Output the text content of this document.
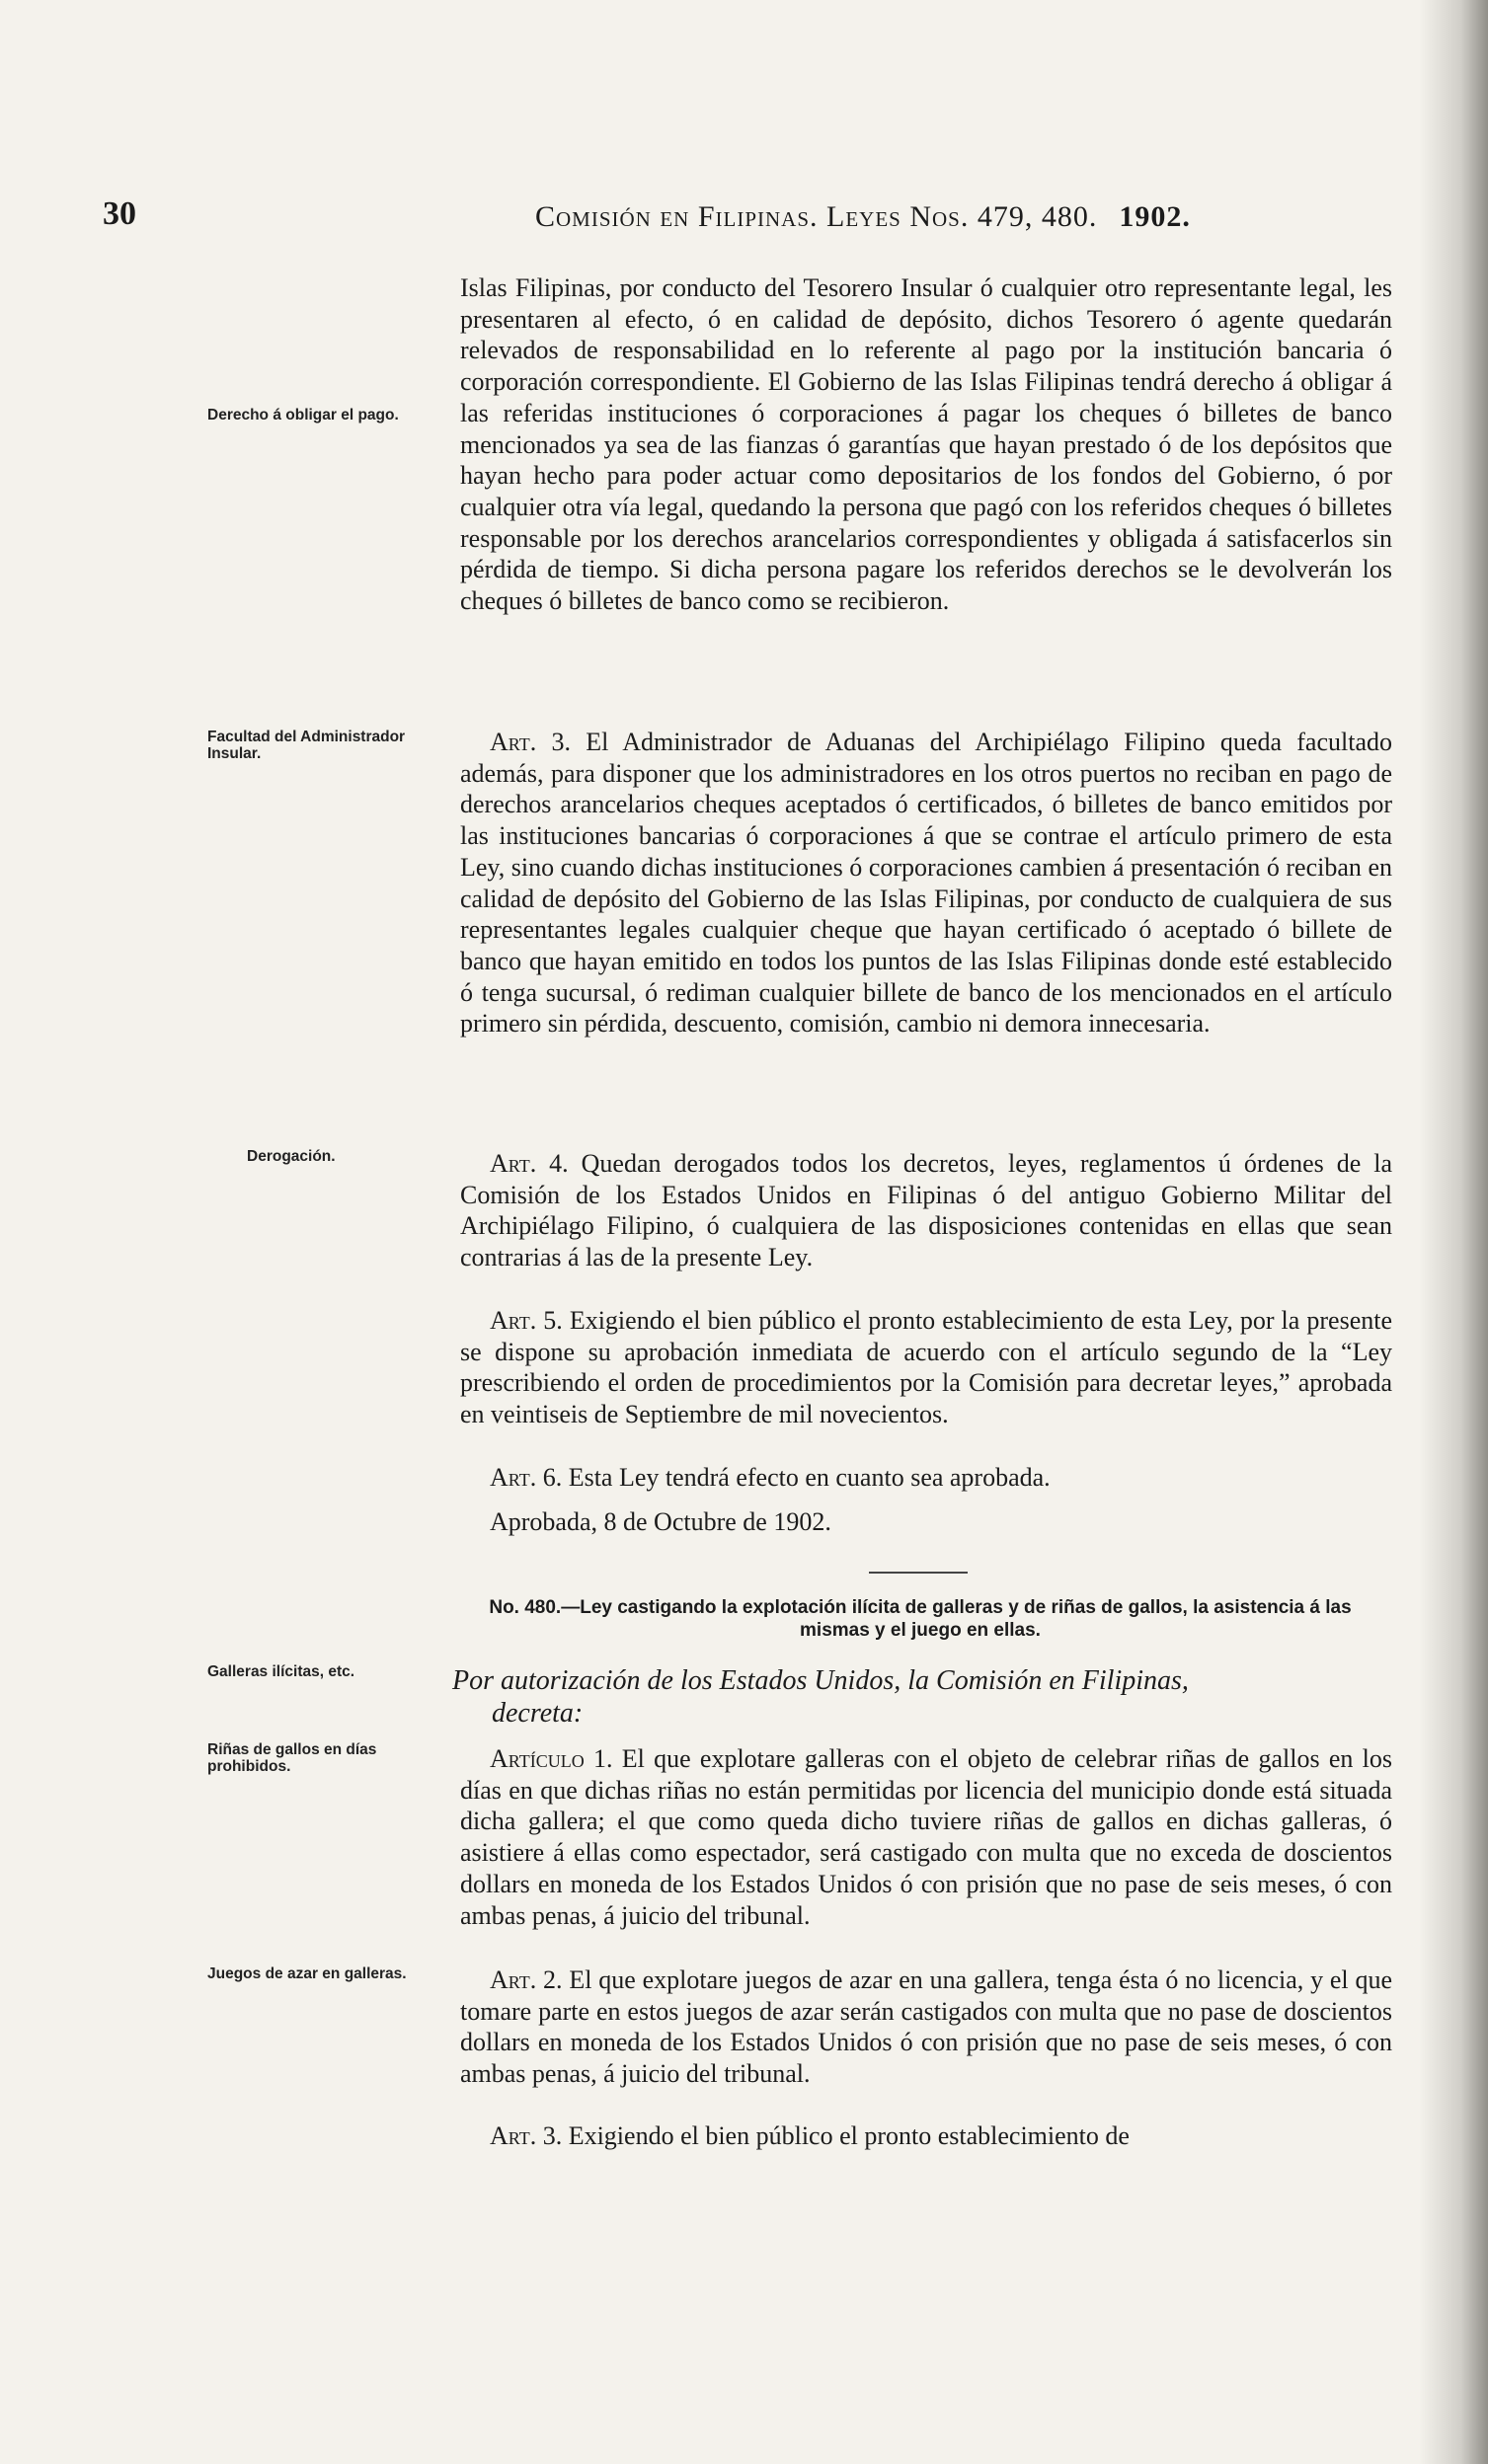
30	Comisión en Filipinas. Leyes Nos. 479, 480. 1902.

Islas Filipinas, por conducto del Tesorero Insular ó cualquier otro representante legal, les presentaren al efecto, ó en calidad de depósito, dichos Tesorero ó agente quedarán relevados de responsabilidad en lo referente al pago por la institución bancaria ó corporación correspondiente. El Gobierno de las Islas Filipinas tendrá derecho á obligar á las referidas instituciones ó corporaciones á pagar los cheques ó billetes de banco mencionados ya sea de las fianzas ó garantías que hayan prestado ó de los depósitos que hayan hecho para poder actuar como depositarios de los fondos del Gobierno, ó por cualquier otra vía legal, quedando la persona que pagó con los referidos cheques ó billetes responsable por los derechos arancelarios correspondientes y obligada á satisfacerlos sin pérdida de tiempo. Si dicha persona pagare los referidos derechos se le devolverán los cheques ó billetes de banco como se recibieron.

Art. 3. El Administrador de Aduanas del Archipiélago Filipino queda facultado además, para disponer que los administradores en los otros puertos no reciban en pago de derechos arancelarios cheques aceptados ó certificados, ó billetes de banco emitidos por las instituciones bancarias ó corporaciones á que se contrae el artículo primero de esta Ley, sino cuando dichas instituciones ó corporaciones cambien á presentación ó reciban en calidad de depósito del Gobierno de las Islas Filipinas, por conducto de cualquiera de sus representantes legales cualquier cheque que hayan certificado ó aceptado ó billete de banco que hayan emitido en todos los puntos de las Islas Filipinas donde esté establecido ó tenga sucursal, ó rediman cualquier billete de banco de los mencionados en el artículo primero sin pérdida, descuento, comisión, cambio ni demora innecesaria.

Art. 4. Quedan derogados todos los decretos, leyes, reglamentos ú órdenes de la Comisión de los Estados Unidos en Filipinas ó del antiguo Gobierno Militar del Archipiélago Filipino, ó cualquiera de las disposiciones contenidas en ellas que sean contrarias á las de la presente Ley.

Art. 5. Exigiendo el bien público el pronto establecimiento de esta Ley, por la presente se dispone su aprobación inmediata de acuerdo con el artículo segundo de la “Ley prescribiendo el orden de procedimientos por la Comisión para decretar leyes,” aprobada en veintiseis de Septiembre de mil novecientos.

Art. 6. Esta Ley tendrá efecto en cuanto sea aprobada.

Aprobada, 8 de Octubre de 1902.

No. 480.—Ley castigando la explotación ilícita de galleras y de riñas de gallos, la asistencia á las mismas y el juego en ellas.

Por autorización de los Estados Unidos, la Comisión en Filipinas,
decreta:

Artículo 1. El que explotare galleras con el objeto de celebrar riñas de gallos en los días en que dichas riñas no están permitidas por licencia del municipio donde está situada dicha gallera; el que como queda dicho tuviere riñas de gallos en dichas galleras, ó asistiere á ellas como espectador, será castigado con multa que no exceda de doscientos dollars en moneda de los Estados Unidos ó con prisión que no pase de seis meses, ó con ambas penas, á juicio del tribunal.

Art. 2. El que explotare juegos de azar en una gallera, tenga ésta ó no licencia, y el que tomare parte en estos juegos de azar serán castigados con multa que no pase de doscientos dollars en moneda de los Estados Unidos ó con prisión que no pase de seis meses, ó con ambas penas, á juicio del tribunal.

Art. 3. Exigiendo el bien público el pronto establecimiento de

Derecho á obligar el pago.

Facultad del Administrador Insular.

Derogación.

Galleras ilícitas, etc.

Riñas de gallos en días prohibidos.

Juegos de azar en galleras.
